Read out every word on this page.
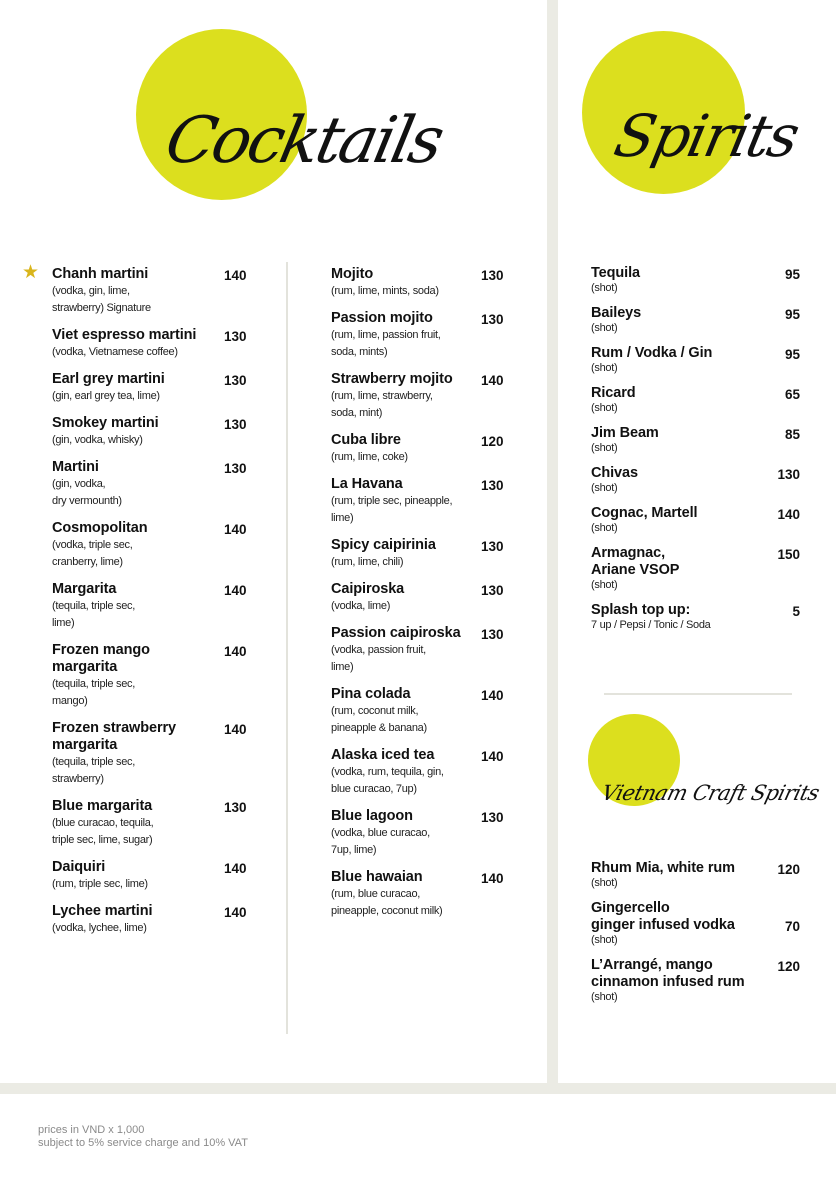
Cocktails	Spirits
Vietnam Craft Spirits
★ Chanh martini
(vodka, gin, lime,
strawberry) Signature
140
Viet espresso martini
(vodka, Vietnamese coffee)
130
Earl grey martini
(gin, earl grey tea, lime)
130
Smokey martini
(gin, vodka, whisky)
130
Martini
(gin, vodka,
dry vermounth)
130
Cosmopolitan
(vodka, triple sec,
cranberry, lime)
140
Margarita
(tequila, triple sec,
lime)
140
Frozen mango
margarita
(tequila, triple sec,
mango)
140
Frozen strawberry
margarita
(tequila, triple sec,
strawberry)
140
Blue margarita
(blue curacao, tequila,
triple sec, lime, sugar)
130
Daiquiri
(rum, triple sec, lime)
140
Lychee martini
(vodka, lychee, lime)
140
Mojito
(rum, lime, mints, soda)
130
Passion mojito
(rum, lime, passion fruit,
soda, mints)
130
Strawberry mojito
(rum, lime, strawberry,
soda, mint)
140
Cuba libre
(rum, lime, coke)
120
La Havana
(rum, triple sec, pineapple,
lime)
130
Spicy caipirinia
(rum, lime, chili)
130
Caipiroska
(vodka, lime)
130
Passion caipiroska
(vodka, passion fruit,
lime)
130
Pina colada
(rum, coconut milk,
pineapple & banana)
140
Alaska iced tea
(vodka, rum, tequila, gin,
blue curacao, 7up)
140
Blue lagoon
(vodka, blue curacao,
7up, lime)
130
Blue hawaian
(rum, blue curacao,
pineapple, coconut milk)
140
Tequila
(shot)
95
Baileys
(shot)
95
Rum / Vodka / Gin
(shot)
95
Ricard
(shot)
65
Jim Beam
(shot)
85
Chivas
(shot)
130
Cognac, Martell
(shot)
140
Armagnac,
Ariane VSOP
(shot)
150
Splash top up:
7 up / Pepsi / Tonic / Soda
5
Rhum Mia, white rum
(shot)
120
Gingercello
ginger infused vodka
(shot)
70
L’Arrangé, mango
cinnamon infused rum
(shot)
120
prices in VND x 1,000
subject to 5% service charge and 10% VAT
